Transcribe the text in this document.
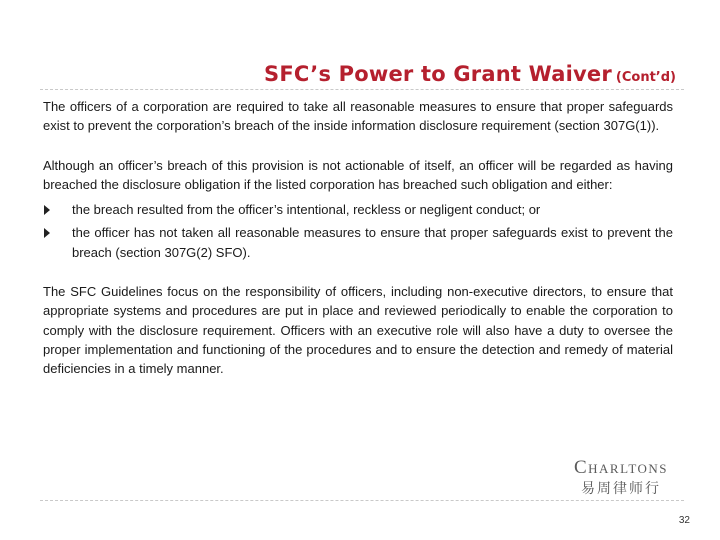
SFC’s Power to Grant Waiver (Cont’d)

The officers of a corporation are required to take all reasonable measures to ensure that proper safeguards exist to prevent the corporation’s breach of the inside information disclosure requirement (section 307G(1)).

Although an officer’s breach of this provision is not actionable of itself, an officer will be regarded as having breached the disclosure obligation if the listed corporation has breached such obligation and either:

the breach resulted from the officer’s intentional, reckless or negligent conduct; or
the officer has not taken all reasonable measures to ensure that proper safeguards exist to prevent the breach (section 307G(2) SFO).

The SFC Guidelines focus on the responsibility of officers, including non-executive directors, to ensure that appropriate systems and procedures are put in place and reviewed periodically to enable the corporation to comply with the disclosure requirement. Officers with an executive role will also have a duty to oversee the proper implementation and functioning of the procedures and to ensure the detection and remedy of material deficiencies in a timely manner.

Charltons
易周律师行
32
